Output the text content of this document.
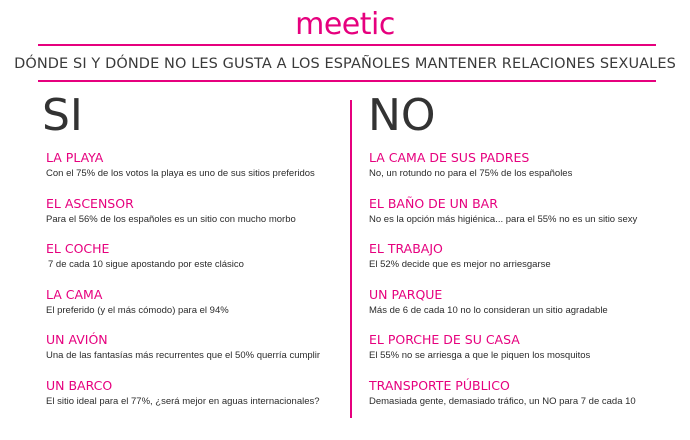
meetic
DÓNDE SI Y DÓNDE NO LES GUSTA A LOS ESPAÑOLES MANTENER RELACIONES SEXUALES
SI	NO
LA PLAYA
Con el 75% de los votos la playa es uno de sus sitios preferidos
EL ASCENSOR
Para el 56% de los españoles es un sitio con mucho morbo
EL COCHE
7 de cada 10 sigue apostando por este clásico
LA CAMA
El preferido (y el más cómodo) para el 94%
UN AVIÓN
Una de las fantasías más recurrentes que el 50% querría cumplir
UN BARCO
El sitio ideal para el 77%, ¿será mejor en aguas internacionales?
LA CAMA DE SUS PADRES
No, un rotundo no para el 75% de los españoles
EL BAÑO DE UN BAR
No es la opción más higiénica... para el 55% no es un sitio sexy
EL TRABAJO
El 52% decide que es mejor no arriesgarse
UN PARQUE
Más de 6 de cada 10 no lo consideran un sitio agradable
EL PORCHE DE SU CASA
El 55% no se arriesga a que le piquen los mosquitos
TRANSPORTE PÚBLICO
Demasiada gente, demasiado tráfico, un NO para 7 de cada 10
